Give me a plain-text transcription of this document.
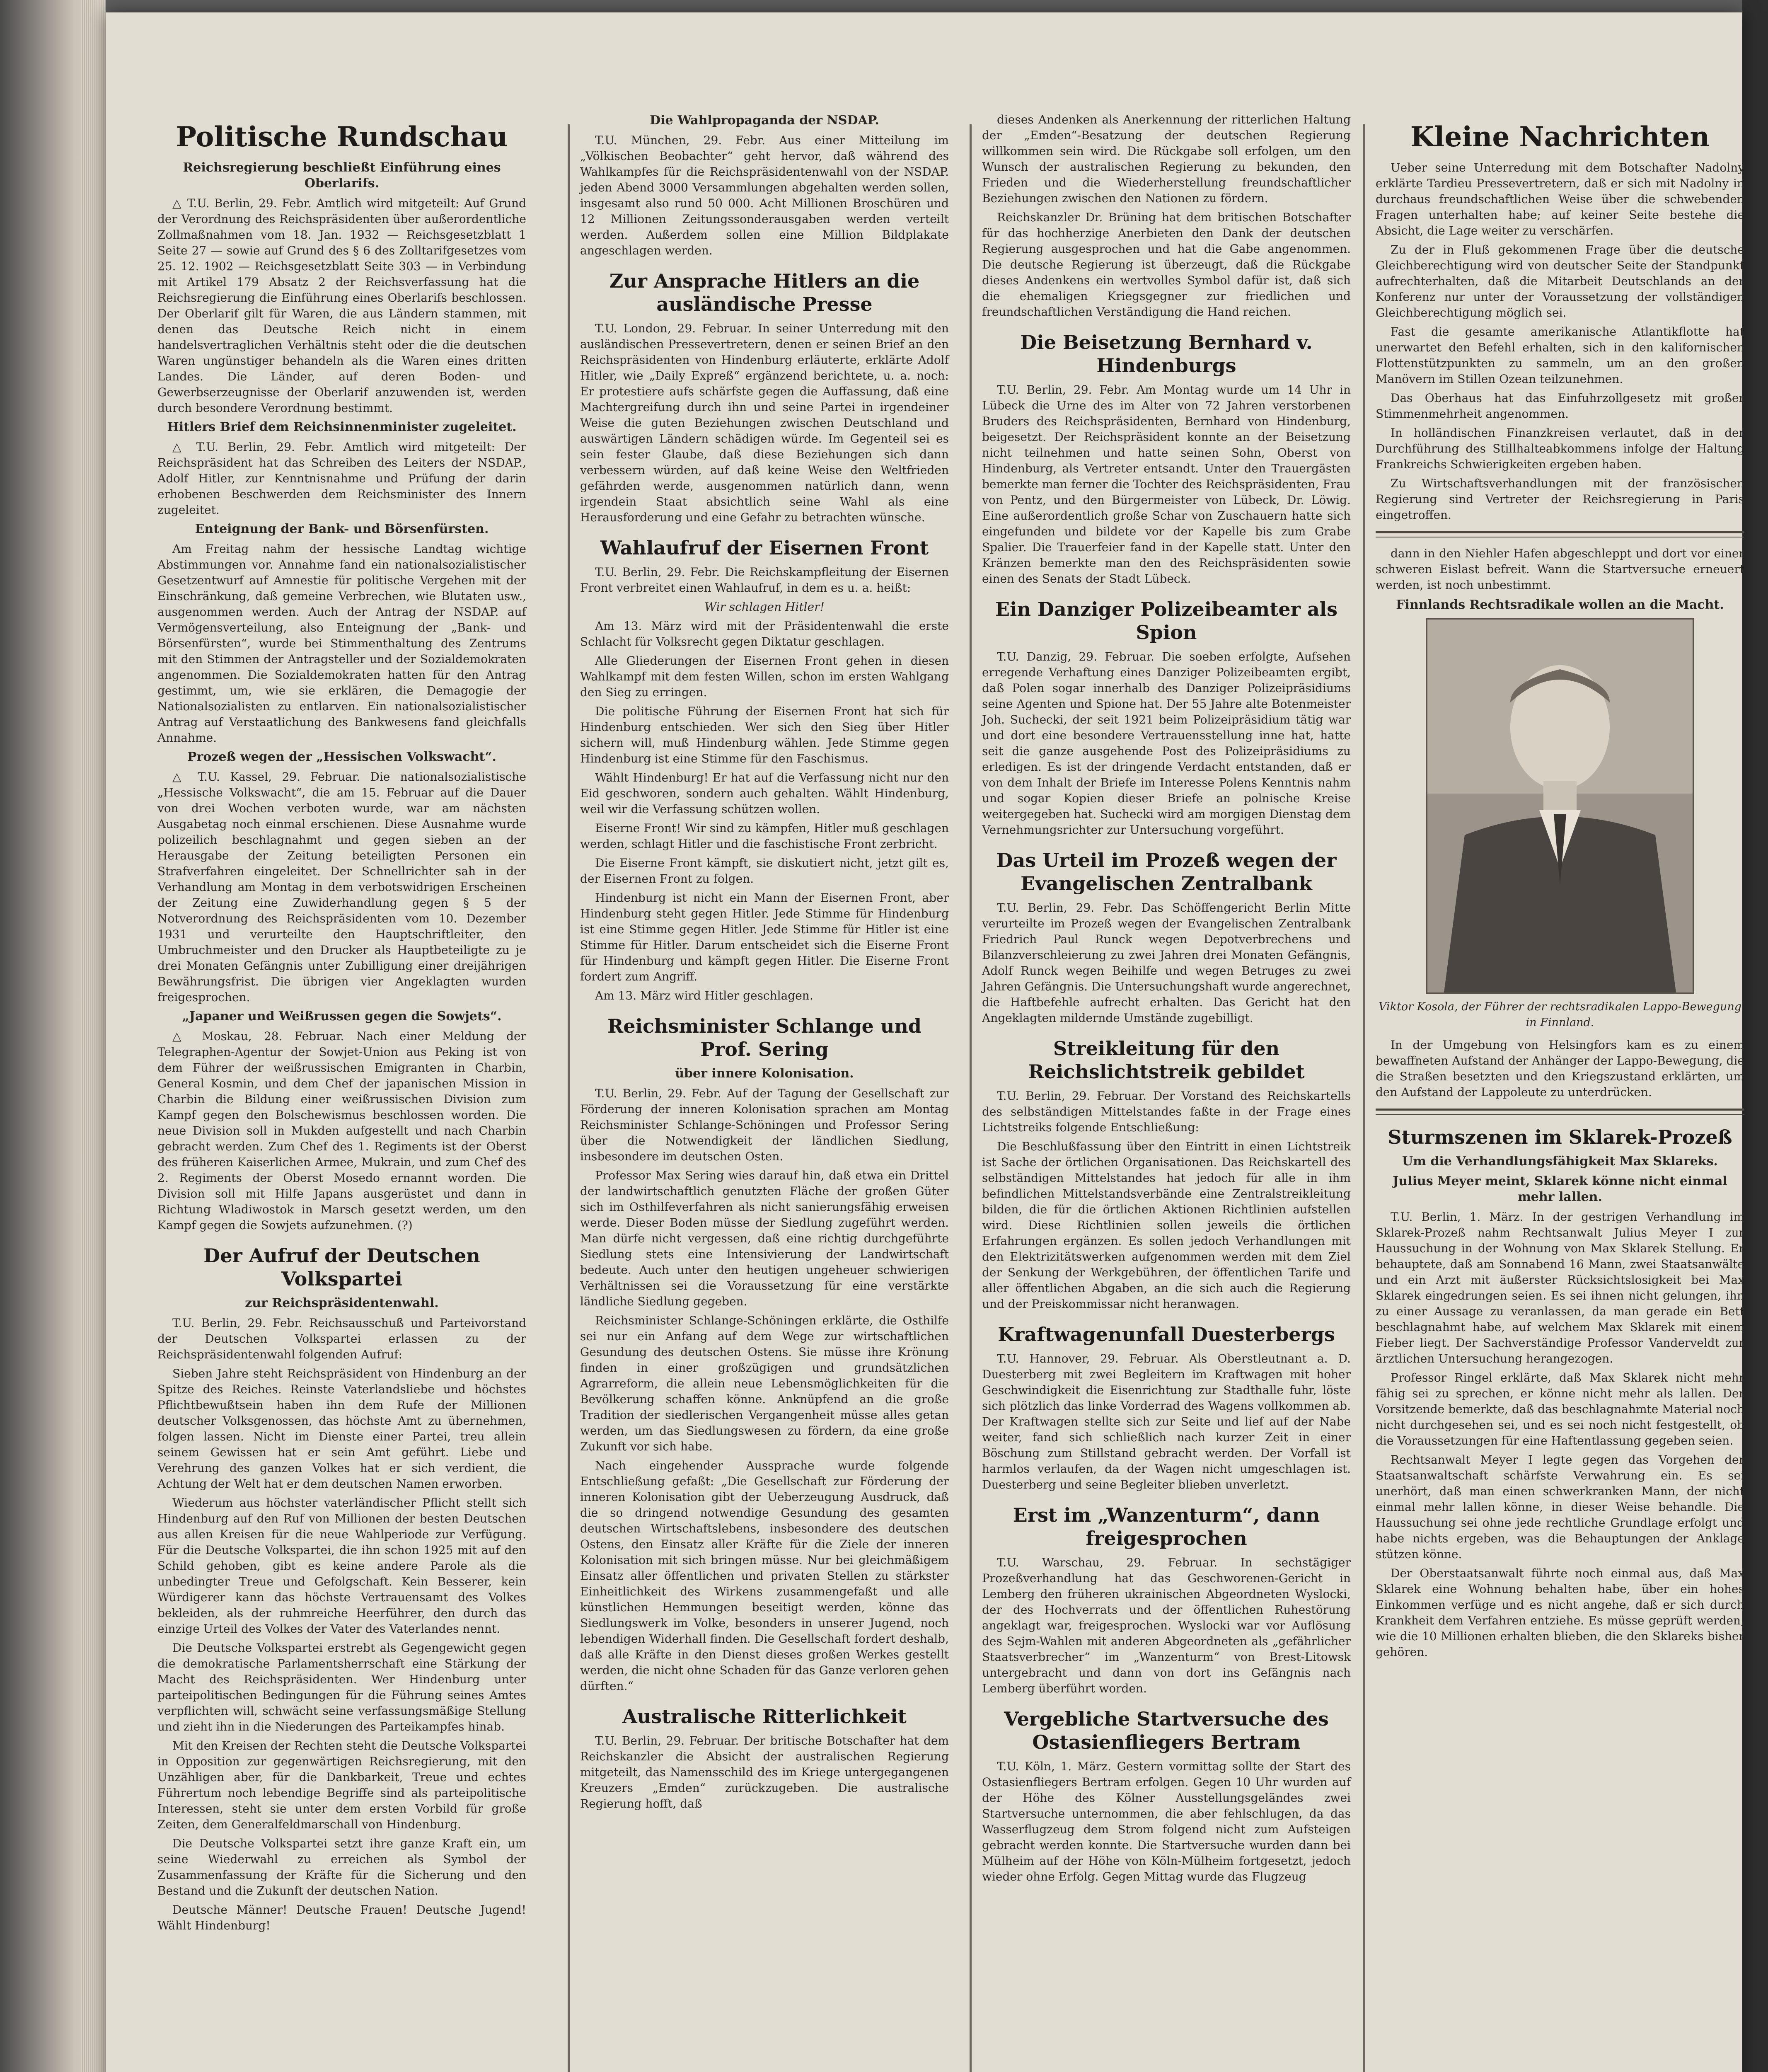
Politische Rundschau
Reichsregierung beschließt Einführung eines Oberlarifs.

△ T.U. Berlin, 29. Febr. Amtlich wird mitgeteilt: Auf Grund der Verordnung des Reichspräsidenten über außerordentliche Zollmaßnahmen vom 18. Jan. 1932 — Reichsgesetzblatt 1 Seite 27 — sowie auf Grund des § 6 des Zolltarifgesetzes vom 25. 12. 1902 — Reichsgesetzblatt Seite 303 — in Verbindung mit Artikel 179 Absatz 2 der Reichsverfassung hat die Reichsregierung die Einführung eines Oberlarifs beschlossen. Der Oberlarif gilt für Waren, die aus Ländern stammen, mit denen das Deutsche Reich nicht in einem handelsvertraglichen Verhältnis steht oder die die deutschen Waren ungünstiger behandeln als die Waren eines dritten Landes. Die Länder, auf deren Boden- und Gewerbserzeugnisse der Oberlarif anzuwenden ist, werden durch besondere Verordnung bestimmt.

Hitlers Brief dem Reichsinnenminister zugeleitet.

△ T.U. Berlin, 29. Febr. Amtlich wird mitgeteilt: Der Reichspräsident hat das Schreiben des Leiters der NSDAP., Adolf Hitler, zur Kenntnisnahme und Prüfung der darin erhobenen Beschwerden dem Reichsminister des Innern zugeleitet.

Enteignung der Bank- und Börsenfürsten.

Am Freitag nahm der hessische Landtag wichtige Abstimmungen vor. Annahme fand ein nationalsozialistischer Gesetzentwurf auf Amnestie für politische Vergehen mit der Einschränkung, daß gemeine Verbrechen, wie Blutaten usw., ausgenommen werden. Auch der Antrag der NSDAP. auf Vermögensverteilung, also Enteignung der „Bank- und Börsenfürsten“, wurde bei Stimmenthaltung des Zentrums mit den Stimmen der Antragsteller und der Sozialdemokraten angenommen. Die Sozialdemokraten hatten für den Antrag gestimmt, um, wie sie erklären, die Demagogie der Nationalsozialisten zu entlarven. Ein nationalsozialistischer Antrag auf Verstaatlichung des Bankwesens fand gleichfalls Annahme.

Prozeß wegen der „Hessischen Volkswacht“.

△ T.U. Kassel, 29. Februar. Die nationalsozialistische „Hessische Volkswacht“, die am 15. Februar auf die Dauer von drei Wochen verboten wurde, war am nächsten Ausgabetag noch einmal erschienen. Diese Ausnahme wurde polizeilich beschlagnahmt und gegen sieben an der Herausgabe der Zeitung beteiligten Personen ein Strafverfahren eingeleitet. Der Schnellrichter sah in der Verhandlung am Montag in dem verbotswidrigen Erscheinen der Zeitung eine Zuwiderhandlung gegen § 5 der Notverordnung des Reichspräsidenten vom 10. Dezember 1931 und verurteilte den Hauptschriftleiter, den Umbruchmeister und den Drucker als Hauptbeteiligte zu je drei Monaten Gefängnis unter Zubilligung einer dreijährigen Bewährungsfrist. Die übrigen vier Angeklagten wurden freigesprochen.

„Japaner und Weißrussen gegen die Sowjets“.

△ Moskau, 28. Februar. Nach einer Meldung der Telegraphen-Agentur der Sowjet-Union aus Peking ist von dem Führer der weißrussischen Emigranten in Charbin, General Kosmin, und dem Chef der japanischen Mission in Charbin die Bildung einer weißrussischen Division zum Kampf gegen den Bolschewismus beschlossen worden. Die neue Division soll in Mukden aufgestellt und nach Charbin gebracht werden. Zum Chef des 1. Regiments ist der Oberst des früheren Kaiserlichen Armee, Mukrain, und zum Chef des 2. Regiments der Oberst Mosedo ernannt worden. Die Division soll mit Hilfe Japans ausgerüstet und dann in Richtung Wladiwostok in Marsch gesetzt werden, um den Kampf gegen die Sowjets aufzunehmen. (?)

Der Aufruf der Deutschen Volkspartei
zur Reichspräsidentenwahl.

T.U. Berlin, 29. Febr. Reichsausschuß und Parteivorstand der Deutschen Volkspartei erlassen zu der Reichspräsidentenwahl folgenden Aufruf:

Sieben Jahre steht Reichspräsident von Hindenburg an der Spitze des Reiches. Reinste Vaterlandsliebe und höchstes Pflichtbewußtsein haben ihn dem Rufe der Millionen deutscher Volksgenossen, das höchste Amt zu übernehmen, folgen lassen. Nicht im Dienste einer Partei, treu allein seinem Gewissen hat er sein Amt geführt. Liebe und Verehrung des ganzen Volkes hat er sich verdient, die Achtung der Welt hat er dem deutschen Namen erworben.

Wiederum aus höchster vaterländischer Pflicht stellt sich Hindenburg auf den Ruf von Millionen der besten Deutschen aus allen Kreisen für die neue Wahlperiode zur Verfügung. Für die Deutsche Volkspartei, die ihn schon 1925 mit auf den Schild gehoben, gibt es keine andere Parole als die unbedingter Treue und Gefolgschaft. Kein Besserer, kein Würdigerer kann das höchste Vertrauensamt des Volkes bekleiden, als der ruhmreiche Heerführer, den durch das einzige Urteil des Volkes der Vater des Vaterlandes nennt.

Die Deutsche Volkspartei erstrebt als Gegengewicht gegen die demokratische Parlamentsherrschaft eine Stärkung der Macht des Reichspräsidenten. Wer Hindenburg unter parteipolitischen Bedingungen für die Führung seines Amtes verpflichten will, schwächt seine verfassungsmäßige Stellung und zieht ihn in die Niederungen des Parteikampfes hinab.

Mit den Kreisen der Rechten steht die Deutsche Volkspartei in Opposition zur gegenwärtigen Reichsregierung, mit den Unzähligen aber, für die Dankbarkeit, Treue und echtes Führertum noch lebendige Begriffe sind als parteipolitische Interessen, steht sie unter dem ersten Vorbild für große Zeiten, dem Generalfeldmarschall von Hindenburg.

Die Deutsche Volkspartei setzt ihre ganze Kraft ein, um seine Wiederwahl zu erreichen als Symbol der Zusammenfassung der Kräfte für die Sicherung und den Bestand und die Zukunft der deutschen Nation.

Deutsche Männer! Deutsche Frauen! Deutsche Jugend! Wählt Hindenburg!

Die Wahlpropaganda der NSDAP.

T.U. München, 29. Febr. Aus einer Mitteilung im „Völkischen Beobachter“ geht hervor, daß während des Wahlkampfes für die Reichspräsidentenwahl von der NSDAP. jeden Abend 3000 Versammlungen abgehalten werden sollen, insgesamt also rund 50 000. Acht Millionen Broschüren und 12 Millionen Zeitungssonderausgaben werden verteilt werden. Außerdem sollen eine Million Bildplakate angeschlagen werden.

Zur Ansprache Hitlers an die ausländische Presse

T.U. London, 29. Februar. In seiner Unterredung mit den ausländischen Pressevertretern, denen er seinen Brief an den Reichspräsidenten von Hindenburg erläuterte, erklärte Adolf Hitler, wie „Daily Expreß“ ergänzend berichtete, u. a. noch: Er protestiere aufs schärfste gegen die Auffassung, daß eine Machtergreifung durch ihn und seine Partei in irgendeiner Weise die guten Beziehungen zwischen Deutschland und auswärtigen Ländern schädigen würde. Im Gegenteil sei es sein fester Glaube, daß diese Beziehungen sich dann verbessern würden, auf daß keine Weise den Weltfrieden gefährden werde, ausgenommen natürlich dann, wenn irgendein Staat absichtlich seine Wahl als eine Herausforderung und eine Gefahr zu betrachten wünsche.

Wahlaufruf der Eisernen Front

T.U. Berlin, 29. Febr. Die Reichskampfleitung der Eisernen Front verbreitet einen Wahlaufruf, in dem es u. a. heißt:

Wir schlagen Hitler!

Am 13. März wird mit der Präsidentenwahl die erste Schlacht für Volksrecht gegen Diktatur geschlagen.

Alle Gliederungen der Eisernen Front gehen in diesen Wahlkampf mit dem festen Willen, schon im ersten Wahlgang den Sieg zu erringen.

Die politische Führung der Eisernen Front hat sich für Hindenburg entschieden. Wer sich den Sieg über Hitler sichern will, muß Hindenburg wählen. Jede Stimme gegen Hindenburg ist eine Stimme für den Faschismus.

Wählt Hindenburg! Er hat auf die Verfassung nicht nur den Eid geschworen, sondern auch gehalten. Wählt Hindenburg, weil wir die Verfassung schützen wollen.

Eiserne Front! Wir sind zu kämpfen, Hitler muß geschlagen werden, schlagt Hitler und die faschistische Front zerbricht.

Die Eiserne Front kämpft, sie diskutiert nicht, jetzt gilt es, der Eisernen Front zu folgen.

Hindenburg ist nicht ein Mann der Eisernen Front, aber Hindenburg steht gegen Hitler. Jede Stimme für Hindenburg ist eine Stimme gegen Hitler. Jede Stimme für Hitler ist eine Stimme für Hitler. Darum entscheidet sich die Eiserne Front für Hindenburg und kämpft gegen Hitler. Die Eiserne Front fordert zum Angriff.

Am 13. März wird Hitler geschlagen.

Reichsminister Schlange und Prof. Sering
über innere Kolonisation.

T.U. Berlin, 29. Febr. Auf der Tagung der Gesellschaft zur Förderung der inneren Kolonisation sprachen am Montag Reichsminister Schlange-Schöningen und Professor Sering über die Notwendigkeit der ländlichen Siedlung, insbesondere im deutschen Osten.

Professor Max Sering wies darauf hin, daß etwa ein Drittel der landwirtschaftlich genutzten Fläche der großen Güter sich im Osthilfeverfahren als nicht sanierungsfähig erweisen werde. Dieser Boden müsse der Siedlung zugeführt werden. Man dürfe nicht vergessen, daß eine richtig durchgeführte Siedlung stets eine Intensivierung der Landwirtschaft bedeute. Auch unter den heutigen ungeheuer schwierigen Verhältnissen sei die Voraussetzung für eine verstärkte ländliche Siedlung gegeben.

Reichsminister Schlange-Schöningen erklärte, die Osthilfe sei nur ein Anfang auf dem Wege zur wirtschaftlichen Gesundung des deutschen Ostens. Sie müsse ihre Krönung finden in einer großzügigen und grundsätzlichen Agrarreform, die allein neue Lebensmöglichkeiten für die Bevölkerung schaffen könne. Anknüpfend an die große Tradition der siedlerischen Vergangenheit müsse alles getan werden, um das Siedlungswesen zu fördern, da eine große Zukunft vor sich habe.

Nach eingehender Aussprache wurde folgende Entschließung gefaßt: „Die Gesellschaft zur Förderung der inneren Kolonisation gibt der Ueberzeugung Ausdruck, daß die so dringend notwendige Gesundung des gesamten deutschen Wirtschaftslebens, insbesondere des deutschen Ostens, den Einsatz aller Kräfte für die Ziele der inneren Kolonisation mit sich bringen müsse. Nur bei gleichmäßigem Einsatz aller öffentlichen und privaten Stellen zu stärkster Einheitlichkeit des Wirkens zusammengefaßt und alle künstlichen Hemmungen beseitigt werden, könne das Siedlungswerk im Volke, besonders in unserer Jugend, noch lebendigen Widerhall finden. Die Gesellschaft fordert deshalb, daß alle Kräfte in den Dienst dieses großen Werkes gestellt werden, die nicht ohne Schaden für das Ganze verloren gehen dürften.“

Australische Ritterlichkeit

T.U. Berlin, 29. Februar. Der britische Botschafter hat dem Reichskanzler die Absicht der australischen Regierung mitgeteilt, das Namensschild des im Kriege untergegangenen Kreuzers „Emden“ zurückzugeben. Die australische Regierung hofft, daß

dieses Andenken als Anerkennung der ritterlichen Haltung der „Emden“-Besatzung der deutschen Regierung willkommen sein wird. Die Rückgabe soll erfolgen, um den Wunsch der australischen Regierung zu bekunden, den Frieden und die Wiederherstellung freundschaftlicher Beziehungen zwischen den Nationen zu fördern.

Reichskanzler Dr. Brüning hat dem britischen Botschafter für das hochherzige Anerbieten den Dank der deutschen Regierung ausgesprochen und hat die Gabe angenommen. Die deutsche Regierung ist überzeugt, daß die Rückgabe dieses Andenkens ein wertvolles Symbol dafür ist, daß sich die ehemaligen Kriegsgegner zur friedlichen und freundschaftlichen Verständigung die Hand reichen.

Die Beisetzung Bernhard v. Hindenburgs

T.U. Berlin, 29. Febr. Am Montag wurde um 14 Uhr in Lübeck die Urne des im Alter von 72 Jahren verstorbenen Bruders des Reichspräsidenten, Bernhard von Hindenburg, beigesetzt. Der Reichspräsident konnte an der Beisetzung nicht teilnehmen und hatte seinen Sohn, Oberst von Hindenburg, als Vertreter entsandt. Unter den Trauergästen bemerkte man ferner die Tochter des Reichspräsidenten, Frau von Pentz, und den Bürgermeister von Lübeck, Dr. Löwig. Eine außerordentlich große Schar von Zuschauern hatte sich eingefunden und bildete vor der Kapelle bis zum Grabe Spalier. Die Trauerfeier fand in der Kapelle statt. Unter den Kränzen bemerkte man den des Reichspräsidenten sowie einen des Senats der Stadt Lübeck.

Ein Danziger Polizeibeamter als Spion

T.U. Danzig, 29. Februar. Die soeben erfolgte, Aufsehen erregende Verhaftung eines Danziger Polizeibeamten ergibt, daß Polen sogar innerhalb des Danziger Polizeipräsidiums seine Agenten und Spione hat. Der 55 Jahre alte Botenmeister Joh. Suchecki, der seit 1921 beim Polizeipräsidium tätig war und dort eine besondere Vertrauensstellung inne hat, hatte seit die ganze ausgehende Post des Polizeipräsidiums zu erledigen. Es ist der dringende Verdacht entstanden, daß er von dem Inhalt der Briefe im Interesse Polens Kenntnis nahm und sogar Kopien dieser Briefe an polnische Kreise weitergegeben hat. Suchecki wird am morgigen Dienstag dem Vernehmungsrichter zur Untersuchung vorgeführt.

Das Urteil im Prozeß wegen der Evangelischen Zentralbank

T.U. Berlin, 29. Febr. Das Schöffengericht Berlin Mitte verurteilte im Prozeß wegen der Evangelischen Zentralbank Friedrich Paul Runck wegen Depotverbrechens und Bilanzverschleierung zu zwei Jahren drei Monaten Gefängnis, Adolf Runck wegen Beihilfe und wegen Betruges zu zwei Jahren Gefängnis. Die Untersuchungshaft wurde angerechnet, die Haftbefehle aufrecht erhalten. Das Gericht hat den Angeklagten mildernde Umstände zugebilligt.

Streikleitung für den Reichslichtstreik gebildet

T.U. Berlin, 29. Februar. Der Vorstand des Reichskartells des selbständigen Mittelstandes faßte in der Frage eines Lichtstreiks folgende Entschließung:

Die Beschlußfassung über den Eintritt in einen Lichtstreik ist Sache der örtlichen Organisationen. Das Reichskartell des selbständigen Mittelstandes hat jedoch für alle in ihm befindlichen Mittelstandsverbände eine Zentralstreikleitung bilden, die für die örtlichen Aktionen Richtlinien aufstellen wird. Diese Richtlinien sollen jeweils die örtlichen Erfahrungen ergänzen. Es sollen jedoch Verhandlungen mit den Elektrizitätswerken aufgenommen werden mit dem Ziel der Senkung der Werkgebühren, der öffentlichen Tarife und aller öffentlichen Abgaben, an die sich auch die Regierung und der Preiskommissar nicht heranwagen.

Kraftwagenunfall Duesterbergs

T.U. Hannover, 29. Februar. Als Oberstleutnant a. D. Duesterberg mit zwei Begleitern im Kraftwagen mit hoher Geschwindigkeit die Eisenrichtung zur Stadthalle fuhr, löste sich plötzlich das linke Vorderrad des Wagens vollkommen ab. Der Kraftwagen stellte sich zur Seite und lief auf der Nabe weiter, fand sich schließlich nach kurzer Zeit in einer Böschung zum Stillstand gebracht werden. Der Vorfall ist harmlos verlaufen, da der Wagen nicht umgeschlagen ist. Duesterberg und seine Begleiter blieben unverletzt.

Erst im „Wanzenturm“, dann freigesprochen

T.U. Warschau, 29. Februar. In sechstägiger Prozeßverhandlung hat das Geschworenen-Gericht in Lemberg den früheren ukrainischen Abgeordneten Wyslocki, der des Hochverrats und der öffentlichen Ruhestörung angeklagt war, freigesprochen. Wyslocki war vor Auflösung des Sejm-Wahlen mit anderen Abgeordneten als „gefährlicher Staatsverbrecher“ im „Wanzenturm“ von Brest-Litowsk untergebracht und dann von dort ins Gefängnis nach Lemberg überführt worden.

Vergebliche Startversuche des Ostasienfliegers Bertram

T.U. Köln, 1. März. Gestern vormittag sollte der Start des Ostasienfliegers Bertram erfolgen. Gegen 10 Uhr wurden auf der Höhe des Kölner Ausstellungsgeländes zwei Startversuche unternommen, die aber fehlschlugen, da das Wasserflugzeug dem Strom folgend nicht zum Aufsteigen gebracht werden konnte. Die Startversuche wurden dann bei Mülheim auf der Höhe von Köln-Mülheim fortgesetzt, jedoch wieder ohne Erfolg. Gegen Mittag wurde das Flugzeug

Kleine Nachrichten

Ueber seine Unterredung mit dem Botschafter Nadolny erklärte Tardieu Pressevertretern, daß er sich mit Nadolny in durchaus freundschaftlichen Weise über die schwebenden Fragen unterhalten habe; auf keiner Seite bestehe die Absicht, die Lage weiter zu verschärfen.

Zu der in Fluß gekommenen Frage über die deutsche Gleichberechtigung wird von deutscher Seite der Standpunkt aufrechterhalten, daß die Mitarbeit Deutschlands an der Konferenz nur unter der Voraussetzung der vollständigen Gleichberechtigung möglich sei.

Fast die gesamte amerikanische Atlantikflotte hat unerwartet den Befehl erhalten, sich in den kalifornischen Flottenstützpunkten zu sammeln, um an den großen Manövern im Stillen Ozean teilzunehmen.

Das Oberhaus hat das Einfuhrzollgesetz mit großer Stimmenmehrheit angenommen.

In holländischen Finanzkreisen verlautet, daß in der Durchführung des Stillhalteabkommens infolge der Haltung Frankreichs Schwierigkeiten ergeben haben.

Zu Wirtschaftsverhandlungen mit der französischen Regierung sind Vertreter der Reichsregierung in Paris eingetroffen.

dann in den Niehler Hafen abgeschleppt und dort vor einer schweren Eislast befreit. Wann die Startversuche erneuert werden, ist noch unbestimmt.

Finnlands Rechtsradikale wollen an die Macht.
Viktor Kosola, der Führer der rechtsradikalen Lappo-Bewegung in Finnland.

In der Umgebung von Helsingfors kam es zu einem bewaffneten Aufstand der Anhänger der Lappo-Bewegung, die die Straßen besetzten und den Kriegszustand erklärten, um den Aufstand der Lappoleute zu unterdrücken.

Sturmszenen im Sklarek-Prozeß
Um die Verhandlungsfähigkeit Max Sklareks.
Julius Meyer meint, Sklarek könne nicht einmal mehr lallen.

T.U. Berlin, 1. März. In der gestrigen Verhandlung im Sklarek-Prozeß nahm Rechtsanwalt Julius Meyer I zur Haussuchung in der Wohnung von Max Sklarek Stellung. Er behauptete, daß am Sonnabend 16 Mann, zwei Staatsanwälte und ein Arzt mit äußerster Rücksichtslosigkeit bei Max Sklarek eingedrungen seien. Es sei ihnen nicht gelungen, ihn zu einer Aussage zu veranlassen, da man gerade ein Bett beschlagnahmt habe, auf welchem Max Sklarek mit einem Fieber liegt. Der Sachverständige Professor Vanderveldt zur ärztlichen Untersuchung herangezogen.

Professor Ringel erklärte, daß Max Sklarek nicht mehr fähig sei zu sprechen, er könne nicht mehr als lallen. Der Vorsitzende bemerkte, daß das beschlagnahmte Material noch nicht durchgesehen sei, und es sei noch nicht festgestellt, ob die Voraussetzungen für eine Haftentlassung gegeben seien.

Rechtsanwalt Meyer I legte gegen das Vorgehen der Staatsanwaltschaft schärfste Verwahrung ein. Es sei unerhört, daß man einen schwerkranken Mann, der nicht einmal mehr lallen könne, in dieser Weise behandle. Die Haussuchung sei ohne jede rechtliche Grundlage erfolgt und habe nichts ergeben, was die Behauptungen der Anklage stützen könne.

Der Oberstaatsanwalt führte noch einmal aus, daß Max Sklarek eine Wohnung behalten habe, über ein hohes Einkommen verfüge und es nicht angehe, daß er sich durch Krankheit dem Verfahren entziehe. Es müsse geprüft werden, wie die 10 Millionen erhalten blieben, die den Sklareks bisher gehören.
